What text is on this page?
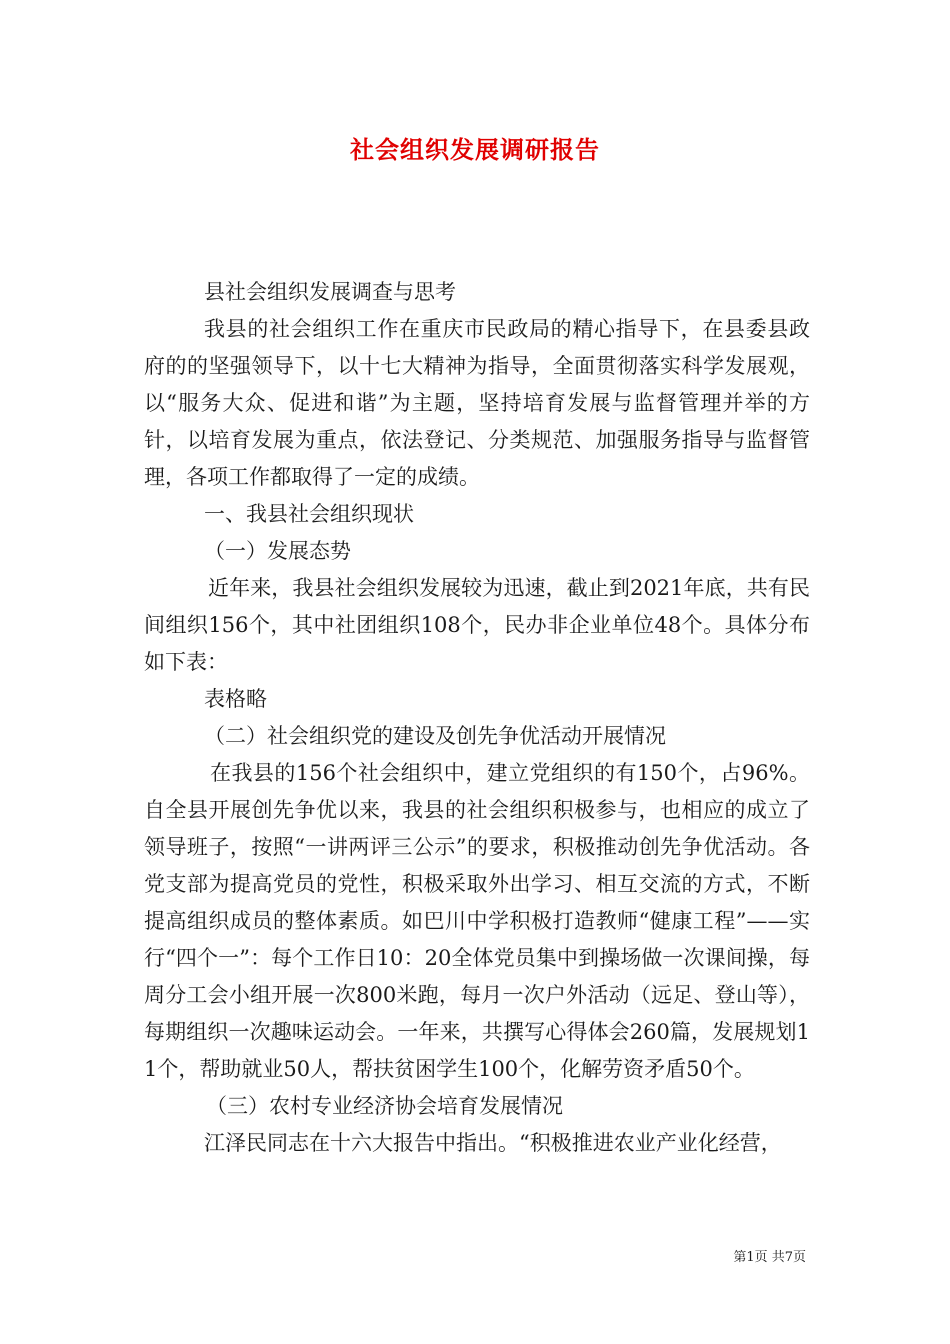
社会组织发展调研报告

县社会组织发展调查与思考

我县的社会组织工作在重庆市民政局的精心指导下，在县委县政府的的坚强领导下，以十七大精神为指导，全面贯彻落实科学发展观，以“服务大众、促进和谐”为主题，坚持培育发展与监督管理并举的方针，以培育发展为重点，依法登记、分类规范、加强服务指导与监督管理，各项工作都取得了一定的成绩。

一、我县社会组织现状

（一）发展态势

近年来，我县社会组织发展较为迅速，截止到2021年底，共有民间组织156个，其中社团组织108个，民办非企业单位48个。具体分布如下表：

表格略

（二）社会组织党的建设及创先争优活动开展情况

在我县的156个社会组织中，建立党组织的有150个，占96%。自全县开展创先争优以来，我县的社会组织积极参与，也相应的成立了领导班子，按照“一讲两评三公示”的要求，积极推动创先争优活动。各党支部为提高党员的党性，积极采取外出学习、相互交流的方式，不断提高组织成员的整体素质。如巴川中学积极打造教师“健康工程”——实行“四个一”：每个工作日10：20全体党员集中到操场做一次课间操，每周分工会小组开展一次800米跑，每月一次户外活动（远足、登山等），每期组织一次趣味运动会。一年来，共撰写心得体会260篇，发展规划11个，帮助就业50人，帮扶贫困学生100个，化解劳资矛盾50个。

（三）农村专业经济协会培育发展情况

江泽民同志在十六大报告中指出。“积极推进农业产业化经营，

第1页 共7页
